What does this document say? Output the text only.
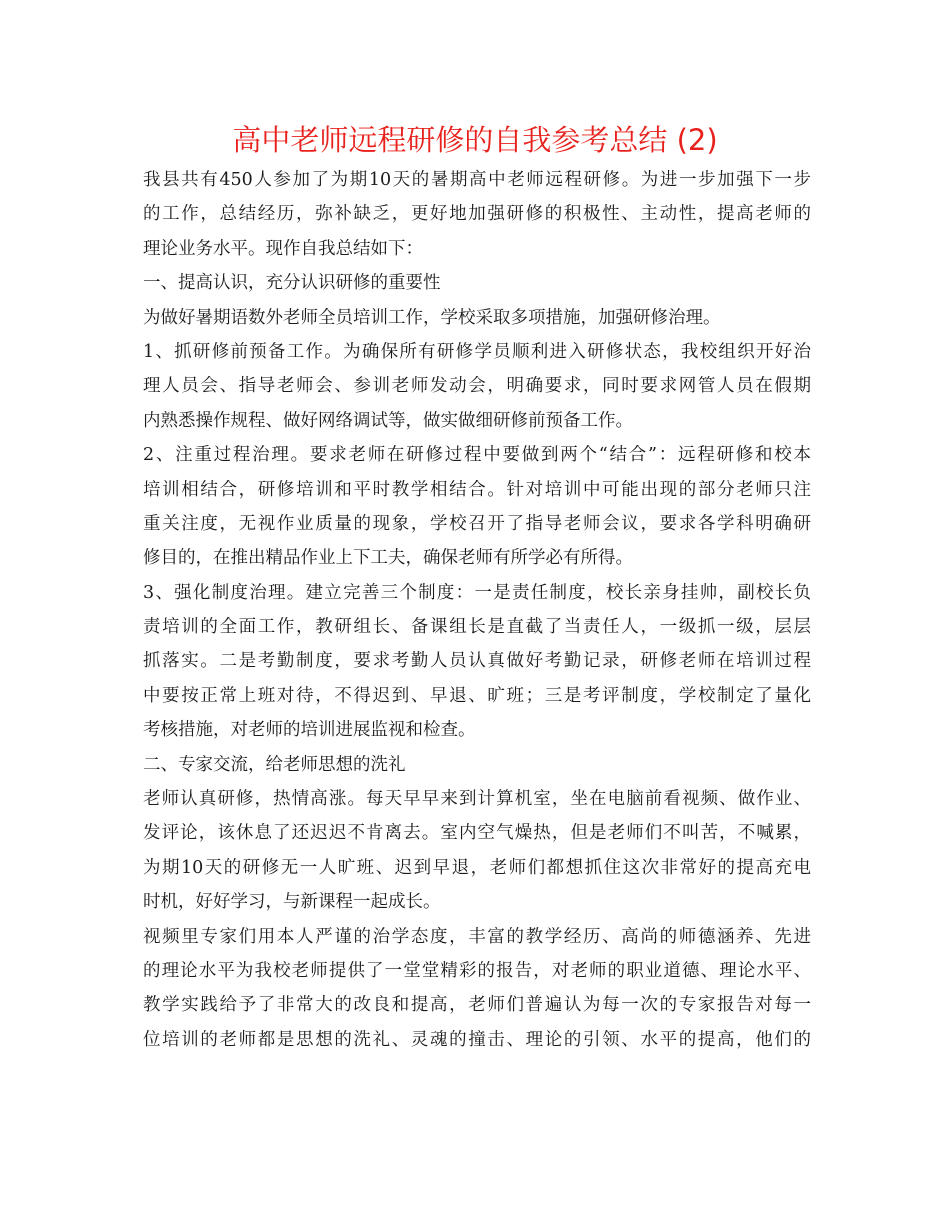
高中老师远程研修的自我参考总结 (2)
我县共有450人参加了为期10天的暑期高中老师远程研修。为进一步加强下一步
的工作，总结经历，弥补缺乏，更好地加强研修的积极性、主动性，提高老师的
理论业务水平。现作自我总结如下：
一、提高认识，充分认识研修的重要性
为做好暑期语数外老师全员培训工作，学校采取多项措施，加强研修治理。
1、抓研修前预备工作。为确保所有研修学员顺利进入研修状态，我校组织开好治
理人员会、指导老师会、参训老师发动会，明确要求，同时要求网管人员在假期
内熟悉操作规程、做好网络调试等，做实做细研修前预备工作。
2、注重过程治理。要求老师在研修过程中要做到两个“结合”：远程研修和校本
培训相结合，研修培训和平时教学相结合。针对培训中可能出现的部分老师只注
重关注度，无视作业质量的现象，学校召开了指导老师会议，要求各学科明确研
修目的，在推出精品作业上下工夫，确保老师有所学必有所得。
3、强化制度治理。建立完善三个制度：一是责任制度，校长亲身挂帅，副校长负
责培训的全面工作，教研组长、备课组长是直截了当责任人，一级抓一级，层层
抓落实。二是考勤制度，要求考勤人员认真做好考勤记录，研修老师在培训过程
中要按正常上班对待，不得迟到、早退、旷班；三是考评制度，学校制定了量化
考核措施，对老师的培训进展监视和检查。
二、专家交流，给老师思想的洗礼
老师认真研修，热情高涨。每天早早来到计算机室，坐在电脑前看视频、做作业、
发评论，该休息了还迟迟不肯离去。室内空气燥热，但是老师们不叫苦，不喊累，
为期10天的研修无一人旷班、迟到早退，老师们都想抓住这次非常好的提高充电
时机，好好学习，与新课程一起成长。
视频里专家们用本人严谨的治学态度，丰富的教学经历、高尚的师德涵养、先进
的理论水平为我校老师提供了一堂堂精彩的报告，对老师的职业道德、理论水平、
教学实践给予了非常大的改良和提高，老师们普遍认为每一次的专家报告对每一
位培训的老师都是思想的洗礼、灵魂的撞击、理论的引领、水平的提高，他们的
